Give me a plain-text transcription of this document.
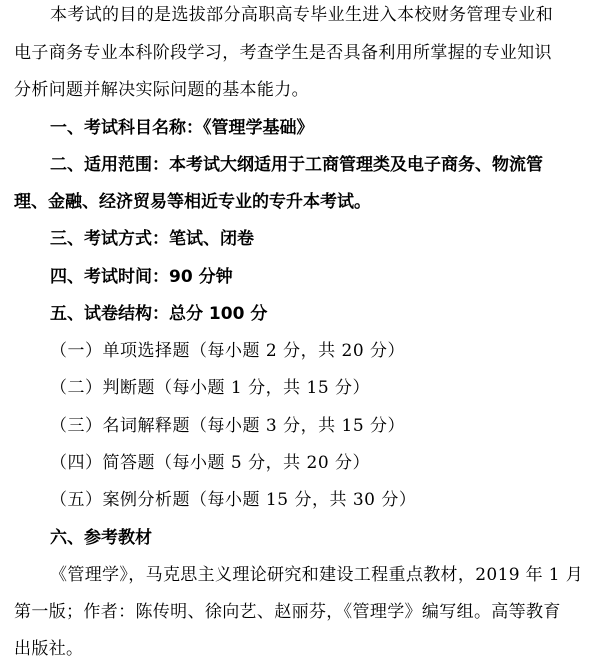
本考试的目的是选拔部分高职高专毕业生进入本校财务管理专业和
电子商务专业本科阶段学习，考查学生是否具备利用所掌握的专业知识
分析问题并解决实际问题的基本能力。
一、考试科目名称：《管理学基础》
二、适用范围：本考试大纲适用于工商管理类及电子商务、物流管
理、金融、经济贸易等相近专业的专升本考试。
三、考试方式：笔试、闭卷
四、考试时间：90 分钟
五、试卷结构：总分 100 分
（一）单项选择题（每小题 2 分，共 20 分）
（二）判断题（每小题 1 分，共 15 分）
（三）名词解释题（每小题 3 分，共 15 分）
（四）简答题（每小题 5 分，共 20 分）
（五）案例分析题（每小题 15 分，共 30 分）
六、参考教材
《管理学》，马克思主义理论研究和建设工程重点教材，2019 年 1 月
第一版；作者：陈传明、徐向艺、赵丽芬，《管理学》编写组。高等教育
出版社。
